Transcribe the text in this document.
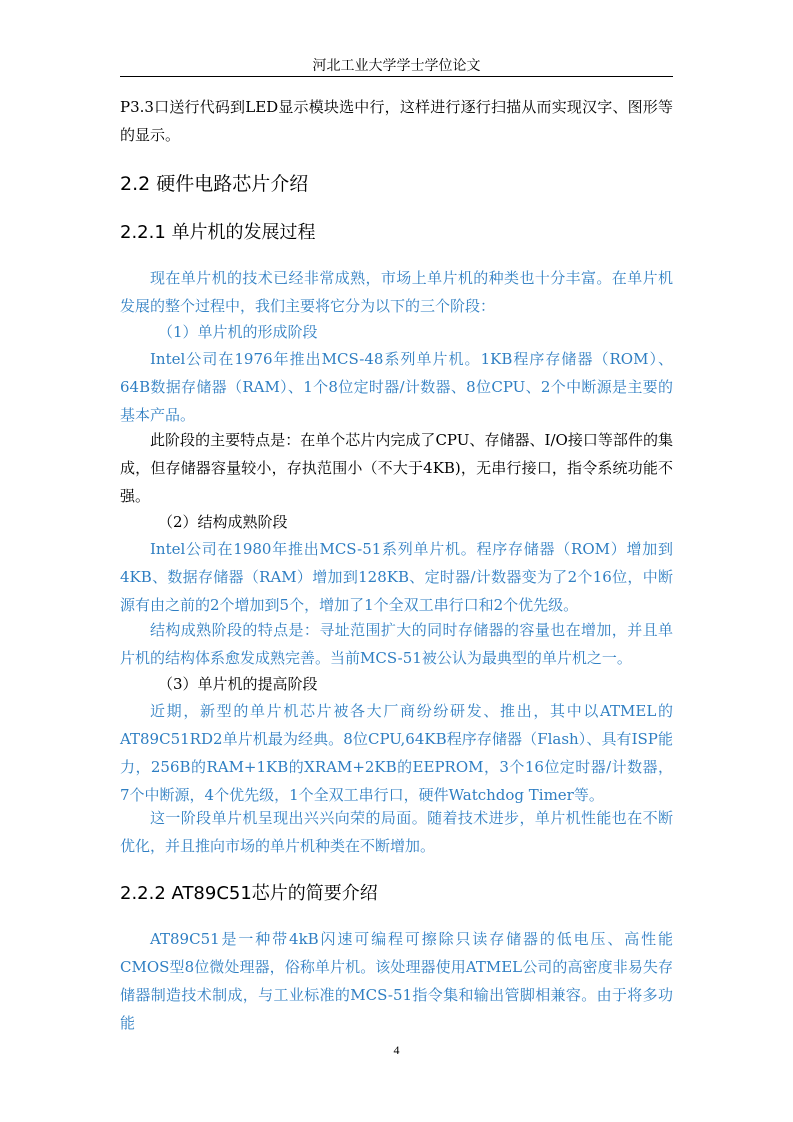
河北工业大学学士学位论文

P3.3口送行代码到LED显示模块选中行，这样进行逐行扫描从而实现汉字、图形等的显示。

2.2 硬件电路芯片介绍
2.2.1 单片机的发展过程

现在单片机的技术已经非常成熟，市场上单片机的种类也十分丰富。在单片机发展的整个过程中，我们主要将它分为以下的三个阶段：

（1）单片机的形成阶段

Intel公司在1976年推出MCS-48系列单片机。1KB程序存储器（ROM）、64B数据存储器（RAM）、1个8位定时器/计数器、8位CPU、2个中断源是主要的基本产品。

此阶段的主要特点是：在单个芯片内完成了CPU、存储器、I/O接口等部件的集成，但存储器容量较小，存执范围小（不大于4KB)，无串行接口，指令系统功能不强。

（2）结构成熟阶段

Intel公司在1980年推出MCS-51系列单片机。程序存储器（ROM）增加到4KB、数据存储器（RAM）增加到128KB、定时器/计数器变为了2个16位，中断源有由之前的2个增加到5个，增加了1个全双工串行口和2个优先级。

结构成熟阶段的特点是：寻址范围扩大的同时存储器的容量也在增加，并且单片机的结构体系愈发成熟完善。当前MCS-51被公认为最典型的单片机之一。

（3）单片机的提高阶段

近期，新型的单片机芯片被各大厂商纷纷研发、推出，其中以ATMEL的AT89C51RD2单片机最为经典。8位CPU,64KB程序存储器（Flash）、具有ISP能力，256B的RAM+1KB的XRAM+2KB的EEPROM，3个16位定时器/计数器，7个中断源，4个优先级，1个全双工串行口，硬件Watchdog Timer等。

这一阶段单片机呈现出兴兴向荣的局面。随着技术进步，单片机性能也在不断优化，并且推向市场的单片机种类在不断增加。

2.2.2 AT89C51芯片的简要介绍

AT89C51是一种带4kB闪速可编程可擦除只读存储器的低电压、高性能CMOS型8位微处理器，俗称单片机。该处理器使用ATMEL公司的高密度非易失存储器制造技术制成，与工业标准的MCS-51指令集和输出管脚相兼容。由于将多功能

4
